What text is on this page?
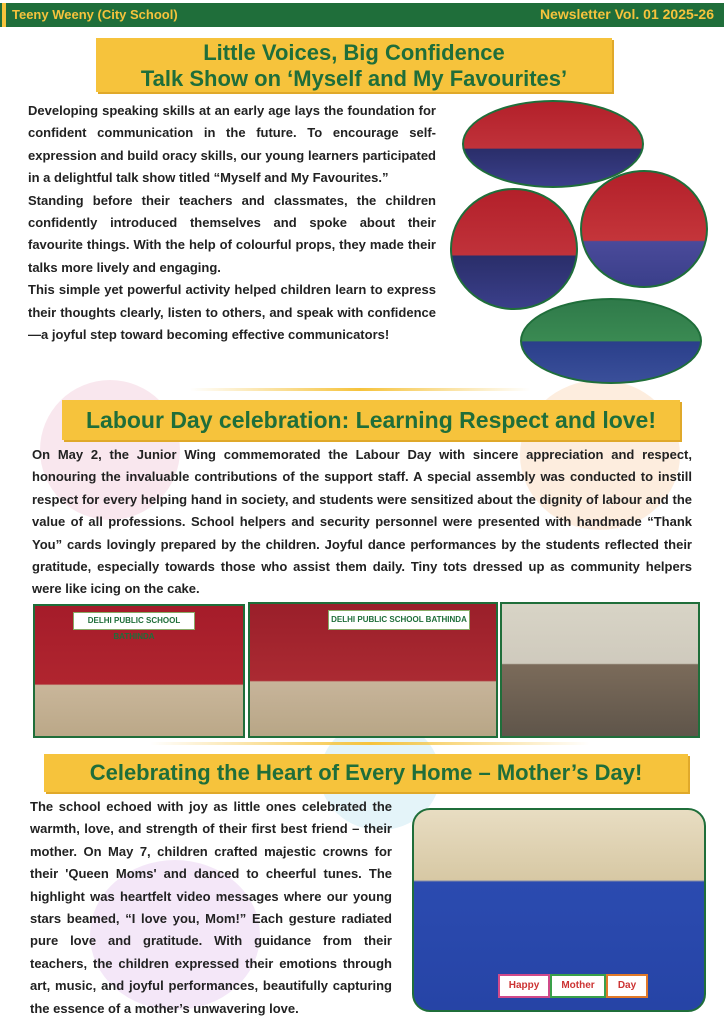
Teeny Weeny (City School)	Newsletter Vol. 01 2025-26
Little Voices, Big Confidence
Talk Show on ‘Myself and My Favourites’
Developing speaking skills at an early age lays the foundation for confident communication in the future. To encourage self-expression and build oracy skills, our young learners participated in a delightful talk show titled “Myself and My Favourites.”
Standing before their teachers and classmates, the children confidently introduced themselves and spoke about their favourite things. With the help of colourful props, they made their talks more lively and engaging.
This simple yet powerful activity helped children learn to express their thoughts clearly, listen to others, and speak with confidence—a joyful step toward becoming effective communicators!
Labour Day celebration: Learning Respect and love!
On May 2, the Junior Wing commemorated the Labour Day with sincere appreciation and respect, honouring the invaluable contributions of the support staff. A special assembly was conducted to instill respect for every helping hand in society, and students were sensitized about the dignity of labour and the value of all professions. School helpers and security personnel were presented with handmade “Thank You” cards lovingly prepared by the children. Joyful dance performances by the students reflected their gratitude, especially towards those who assist them daily. Tiny tots dressed up as community helpers were like icing on the cake.
DELHI PUBLIC SCHOOL BATHINDA
DELHI PUBLIC SCHOOL BATHINDA
Celebrating the Heart of Every Home – Mother’s Day!
The school echoed with joy as little ones celebrated the warmth, love, and strength of their first best friend – their mother. On May 7, children crafted majestic crowns for their 'Queen Moms' and danced to cheerful tunes. The highlight was heartfelt video messages where our young stars beamed, “I love you, Mom!” Each gesture radiated pure love and gratitude. With guidance from their teachers, the children expressed their emotions through art, music, and joyful performances, beautifully capturing the essence of a mother’s unwavering love.
Happy	Mother	Day
